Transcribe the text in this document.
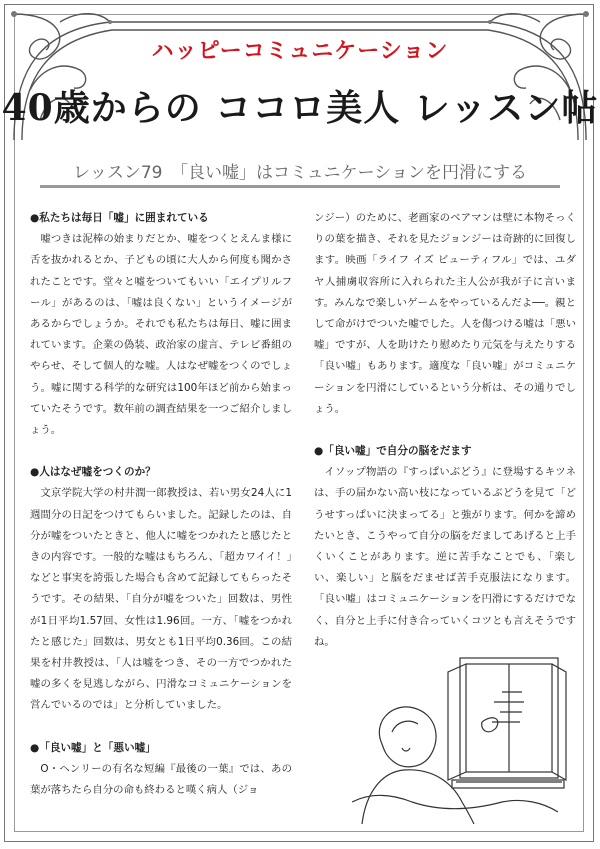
ハッピーコミュニケーション
40歳からの ココロ美人 レッスン帖
レッスン79　「良い嘘」はコミュニケーションを円滑にする
●私たちは毎日「嘘」に囲まれている

嘘つきは泥棒の始まりだとか、嘘をつくとえんま様に舌を抜かれるとか、子どもの頃に大人から何度も聞かされたことです。堂々と嘘をついてもいい「エイプリルフール」があるのは、「嘘は良くない」というイメージがあるからでしょうか。それでも私たちは毎日、嘘に囲まれています。企業の偽装、政治家の虚言、テレビ番組のやらせ、そして個人的な嘘。人はなぜ嘘をつくのでしょう。嘘に関する科学的な研究は100年ほど前から始まっていたそうです。数年前の調査結果を一つご紹介しましょう。

●人はなぜ嘘をつくのか？

文京学院大学の村井潤一郎教授は、若い男女24人に1週間分の日記をつけてもらいました。記録したのは、自分が嘘をついたときと、他人に嘘をつかれたと感じたときの内容です。一般的な嘘はもちろん、「超カワイイ！」などと事実を誇張した場合も含めて記録してもらったそうです。その結果、「自分が嘘をついた」回数は、男性が1日平均1.57回、女性は1.96回。一方、「嘘をつかれたと感じた」回数は、男女とも1日平均0.36回。この結果を村井教授は、「人は嘘をつき、その一方でつかれた嘘の多くを見逃しながら、円滑なコミュニケーションを営んでいるのでは」と分析していました。

●「良い嘘」と「悪い嘘」

O・ヘンリーの有名な短編『最後の一葉』では、あの葉が落ちたら自分の命も終わると嘆く病人（ジョ

ンジー）のために、老画家のベアマンは壁に本物そっくりの葉を描き、それを見たジョンジーは奇跡的に回復します。映画「ライフ イズ ビューティフル」では、ユダヤ人捕虜収容所に入れられた主人公が我が子に言います。みんなで楽しいゲームをやっているんだよ──。親として命がけでついた嘘でした。人を傷つける嘘は「悪い嘘」ですが、人を助けたり慰めたり元気を与えたりする「良い嘘」もあります。適度な「良い嘘」がコミュニケーションを円滑にしているという分析は、その通りでしょう。

●「良い嘘」で自分の脳をだます

イソップ物語の『すっぱいぶどう』に登場するキツネは、手の届かない高い枝になっているぶどうを見て「どうせすっぱいに決まってる」と強がります。何かを諦めたいとき、こうやって自分の脳をだましてあげると上手くいくことがあります。逆に苦手なことでも、「楽しい、楽しい」と脳をだませば苦手克服法になります。「良い嘘」はコミュニケーションを円滑にするだけでなく、自分と上手に付き合っていくコツとも言えそうですね。
